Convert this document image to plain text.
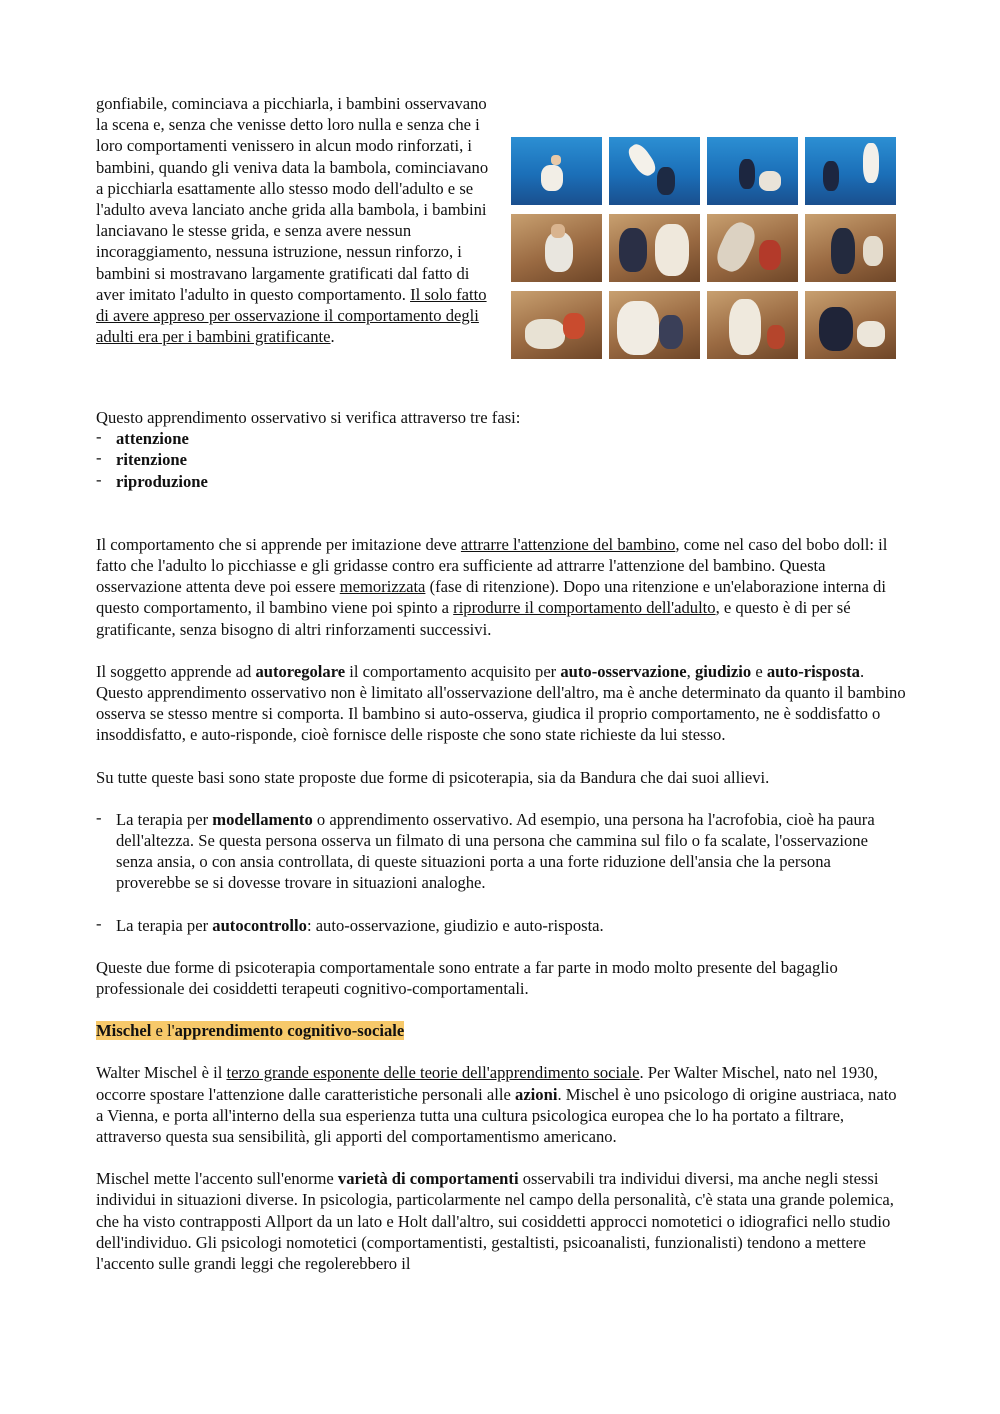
gonfiabile, cominciava a picchiarla, i bambini osservavano la scena e, senza che venisse detto loro nulla e senza che i loro comportamenti venissero in alcun modo rinforzati, i bambini, quando gli veniva data la bambola, cominciavano a picchiarla esattamente allo stesso modo dell'adulto e se l'adulto aveva lanciato anche grida alla bambola, i bambini lanciavano le stesse grida, e senza avere nessun incoraggiamento, nessuna istruzione, nessun rinforzo, i bambini si mostravano largamente gratificati dal fatto di aver imitato l'adulto in questo comportamento. Il solo fatto di avere appreso per osservazione il comportamento degli adulti era per i bambini gratificante.

Questo apprendimento osservativo si verifica attraverso tre fasi:

- attenzione

- ritenzione

- riproduzione

Il comportamento che si apprende per imitazione deve attrarre l'attenzione del bambino, come nel caso del bobo doll: il fatto che l'adulto lo picchiasse e gli gridasse contro era sufficiente ad attrarre l'attenzione del bambino. Questa osservazione attenta deve poi essere memorizzata (fase di ritenzione). Dopo una ritenzione e un'elaborazione interna di questo comportamento, il bambino viene poi spinto a riprodurre il comportamento dell'adulto, e questo è di per sé gratificante, senza bisogno di altri rinforzamenti successivi.

Il soggetto apprende ad autoregolare il comportamento acquisito per auto-osservazione, giudizio e auto-risposta. Questo apprendimento osservativo non è limitato all'osservazione dell'altro, ma è anche determinato da quanto il bambino osserva se stesso mentre si comporta. Il bambino si auto-osserva, giudica il proprio comportamento, ne è soddisfatto o insoddisfatto, e auto-risponde, cioè fornisce delle risposte che sono state richieste da lui stesso.

Su tutte queste basi sono state proposte due forme di psicoterapia, sia da Bandura che dai suoi allievi.

- La terapia per modellamento o apprendimento osservativo. Ad esempio, una persona ha l'acrofobia, cioè ha paura dell'altezza. Se questa persona osserva un filmato di una persona che cammina sul filo o fa scalate, l'osservazione senza ansia, o con ansia controllata, di queste situazioni porta a una forte riduzione dell'ansia che la persona proverebbe se si dovesse trovare in situazioni analoghe.

- La terapia per autocontrollo: auto-osservazione, giudizio e auto-risposta.

Queste due forme di psicoterapia comportamentale sono entrate a far parte in modo molto presente del bagaglio professionale dei cosiddetti terapeuti cognitivo-comportamentali.

Mischel e l'apprendimento cognitivo-sociale

Walter Mischel è il terzo grande esponente delle teorie dell'apprendimento sociale. Per Walter Mischel, nato nel 1930, occorre spostare l'attenzione dalle caratteristiche personali alle azioni. Mischel è uno psicologo di origine austriaca, nato a Vienna, e porta all'interno della sua esperienza tutta una cultura psicologica europea che lo ha portato a filtrare, attraverso questa sua sensibilità, gli apporti del comportamentismo americano.

Mischel mette l'accento sull'enorme varietà di comportamenti osservabili tra individui diversi, ma anche negli stessi individui in situazioni diverse. In psicologia, particolarmente nel campo della personalità, c'è stata una grande polemica, che ha visto contrapposti Allport da un lato e Holt dall'altro, sui cosiddetti approcci nomotetici o idiografici nello studio dell'individuo. Gli psicologi nomotetici (comportamentisti, gestaltisti, psicoanalisti, funzionalisti) tendono a mettere l'accento sulle grandi leggi che regolerebbero il
